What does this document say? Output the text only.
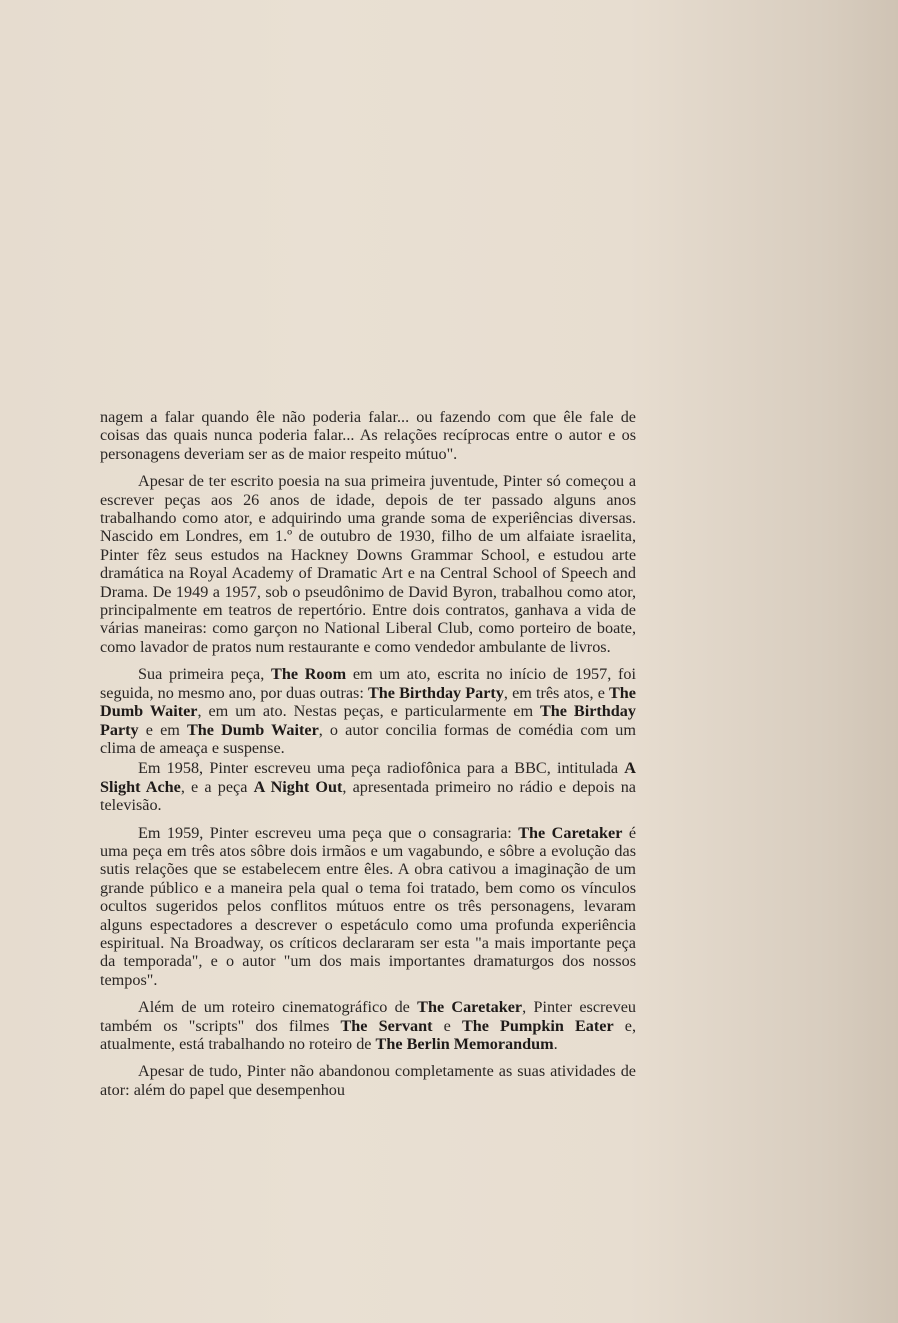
nagem a falar quando êle não poderia falar... ou fazendo com que êle fale de coisas das quais nunca poderia falar... As relações recíprocas entre o autor e os personagens deveriam ser as de maior respeito mútuo".

Apesar de ter escrito poesia na sua primeira juventude, Pinter só começou a escrever peças aos 26 anos de idade, depois de ter passado alguns anos trabalhando como ator, e adquirindo uma grande soma de experiências diversas. Nascido em Londres, em 1.º de outubro de 1930, filho de um alfaiate israelita, Pinter fêz seus estudos na Hackney Downs Grammar School, e estudou arte dramática na Royal Academy of Dramatic Art e na Central School of Speech and Drama. De 1949 a 1957, sob o pseudônimo de David Byron, trabalhou como ator, principalmente em teatros de repertório. Entre dois contratos, ganhava a vida de várias maneiras: como garçon no National Liberal Club, como porteiro de boate, como lavador de pratos num restaurante e como vendedor ambulante de livros.

Sua primeira peça, The Room em um ato, escrita no início de 1957, foi seguida, no mesmo ano, por duas outras: The Birthday Party, em três atos, e The Dumb Waiter, em um ato. Nestas peças, e particularmente em The Birthday Party e em The Dumb Waiter, o autor concilia formas de comédia com um clima de ameaça e suspense.

Em 1958, Pinter escreveu uma peça radiofônica para a BBC, intitulada A Slight Ache, e a peça A Night Out, apresentada primeiro no rádio e depois na televisão.

Em 1959, Pinter escreveu uma peça que o consagraria: The Caretaker é uma peça em três atos sôbre dois irmãos e um vagabundo, e sôbre a evolução das sutis relações que se estabelecem entre êles. A obra cativou a imaginação de um grande público e a maneira pela qual o tema foi tratado, bem como os vínculos ocultos sugeridos pelos conflitos mútuos entre os três personagens, levaram alguns espectadores a descrever o espetáculo como uma profunda experiência espiritual. Na Broadway, os críticos declararam ser esta "a mais importante peça da temporada", e o autor "um dos mais importantes dramaturgos dos nossos tempos".

Além de um roteiro cinematográfico de The Caretaker, Pinter escreveu também os "scripts" dos filmes The Servant e The Pumpkin Eater e, atualmente, está trabalhando no roteiro de The Berlin Memorandum.

Apesar de tudo, Pinter não abandonou completamente as suas atividades de ator: além do papel que desempenhou
